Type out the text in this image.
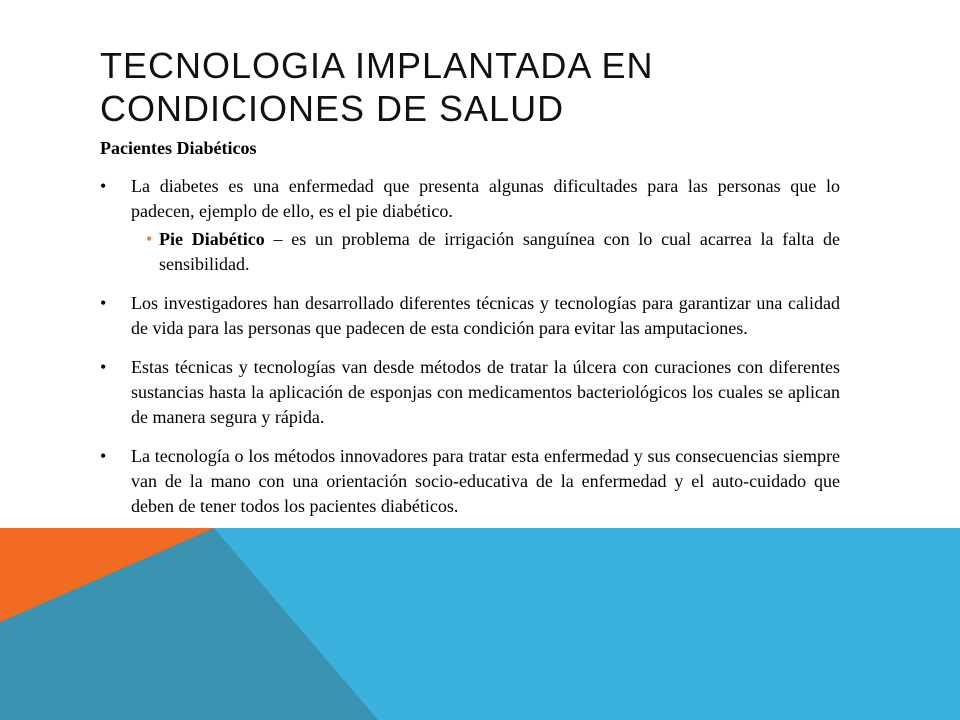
TECNOLOGIA IMPLANTADA EN
CONDICIONES DE SALUD
Pacientes Diabéticos
•	La diabetes es una enfermedad que presenta algunas dificultades para las personas que lo padecen, ejemplo de ello, es el pie diabético.
• Pie Diabético – es un problema de irrigación sanguínea con lo cual acarrea la falta de sensibilidad.
•	Los investigadores han desarrollado diferentes técnicas y tecnologías para garantizar una calidad de vida para las personas que padecen de esta condición para evitar las amputaciones.
•	Estas técnicas y tecnologías van desde métodos de tratar la úlcera con curaciones con diferentes sustancias hasta la aplicación de esponjas con medicamentos bacteriológicos los cuales se aplican de manera segura y rápida.
•	La tecnología o los métodos innovadores para tratar esta enfermedad y sus consecuencias siempre van de la mano con una orientación socio-educativa de la enfermedad y el auto-cuidado que deben de tener todos los pacientes diabéticos.
